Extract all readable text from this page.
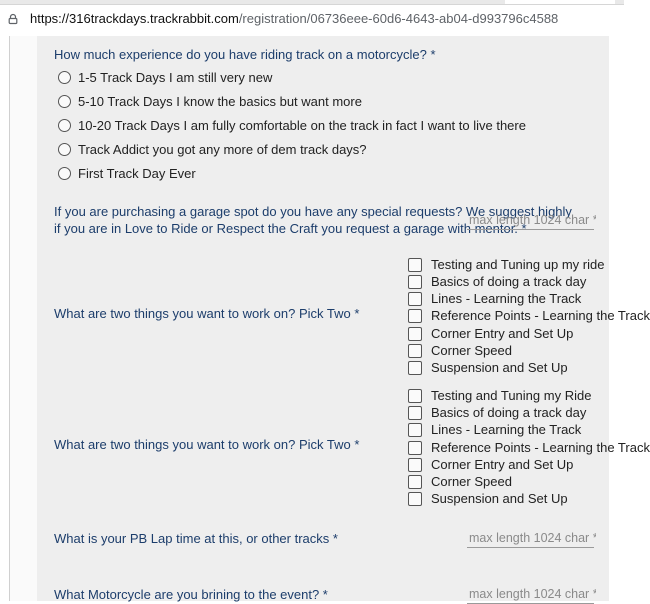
https://316trackdays.trackrabbit.com/registration/06736eee-60d6-4643-ab04-d993796c4588
How much experience do you have riding track on a motorcycle? *
1-5 Track Days I am still very new
5-10 Track Days I know the basics but want more
10-20 Track Days I am fully comfortable on the track in fact I want to live there
Track Addict you got any more of dem track days?
First Track Day Ever
If you are purchasing a garage spot do you have any special requests? We suggest highly
if you are in Love to Ride or Respect the Craft you request a garage with mentor. *
max length 1024 char *
What are two things you want to work on? Pick Two *
Testing and Tuning up my ride
Basics of doing a track day
Lines - Learning the Track
Reference Points - Learning the Track
Corner Entry and Set Up
Corner Speed
Suspension and Set Up
What are two things you want to work on? Pick Two *
Testing and Tuning my Ride
Basics of doing a track day
Lines - Learning the Track
Reference Points - Learning the Track
Corner Entry and Set Up
Corner Speed
Suspension and Set Up
What is your PB Lap time at this, or other tracks *
max length 1024 char *
What Motorcycle are you brining to the event? *
max length 1024 char *
